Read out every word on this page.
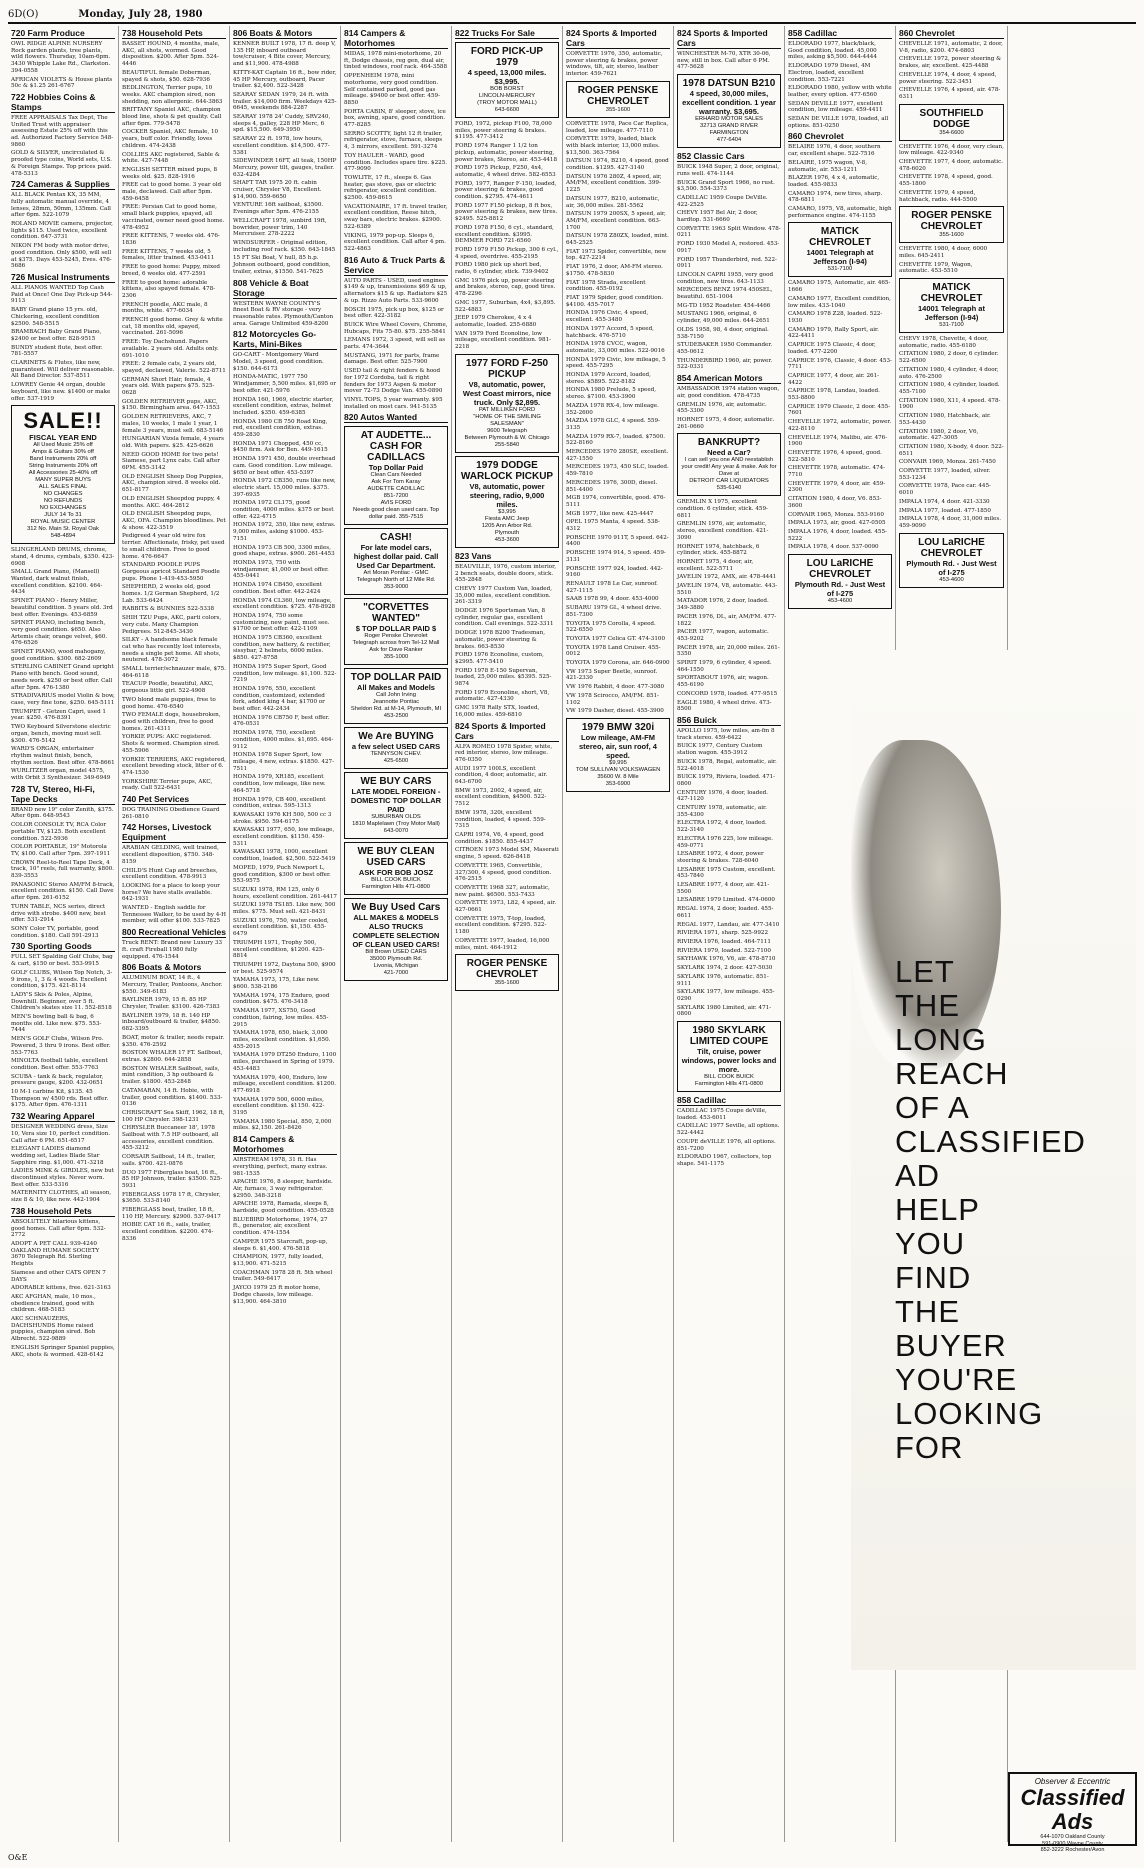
6D(O)	Monday, July 28, 1980
720 Farm Produce
OWL RIDGE ALPINE NURSERY Rock garden plants, tree plants, wild flowers. Thursday, 10am-6pm. 3430 Whipple Lake Rd., Clarkston. 394-0558
AFRICAN VIOLETS & House plants 50c & $1.25 261-6767
722 Hobbies Coins & Stamps
FREE APPRAISALS Tax Dept, The United Trust with appraiser assessing Estate 25% off with this ad. Authorized Factory Service 548-9860
GOLD & SILVER, uncirculated & proofed type coins, World sets, U.S. & Foreign Stamps. Top prices paid. 478-5313
724 Cameras & Supplies
ALL BLACK Pentax KX, 35 MM, fully automatic manual override, 4 lenses, 28mm, 50mm, 135mm. Call after 6pm. 522-1079
ROLAND MOVIE camera, projector, lights $115. Used twice, excellent condition. 647-3731
NIKON FM body with motor drive, good condition. Only $500, will sell at $375. Days 453-5245, Eves. 476-5686
726 Musical Instruments
ALL PIANOS WANTED Top Cash Paid at Once! One Day Pick-up 544-9113
BABY Grand piano 15 yrs. old, Chickering, excellent condition $2500. 548-5515
BRAMBACH Baby Grand Piano, $2400 or best offer. 828-9515
BUNDY student flute, best offer. 781-5557
CLARINETS & Flutes, like new, guaranteed. Will deliver reasonable. All Band Director. 537-8511
LOWREY Genie 44 organ, double keyboard, like new. $1400 or make offer. 537-1919
SALE!!
FISCAL YEAR END
All Used Music 25% off
Amps & Guitars 30% off
Band Instruments 20% off
String Instruments 20% off
All Accessories 25-40% off
MANY SUPER BUYS
ALL SALES FINAL
NO CHANGES
NO REFUNDS
NO EXCHANGES
JULY 14 To 31
ROYAL MUSIC CENTER
312 No. Main St. Royal Oak
548-4894
SLINGERLAND DRUMS, chrome, stand, 4 drums, cymbals, $350. 423-6908
SMALL Grand Piano, (Mansell) Wanted, dark walnut finish, excellent condition. $2100. 464-4434
SPINET PIANO - Henry Miller, beautiful condition. 5 years old. 3rd best offer. Evenings. 453-6859
SPINET PIANO, including bench, very good condition. $650. Also Artemis chair, orange velvet, $60. 476-6526
SPINET PIANO, wood mahogany, good condition. $300. 682-2609
STERLING CABINET Grand upright Piano with bench. Good sound, needs work. $250 or best offer. Call after 5pm. 476-1380
STRADIVARIUS model Violin & bow, case, very fine tone, $250. 645-5111
TRUMPET - Getzen Capri, used 1 year. $250. 476-8391
TWO Keyboard Silverstone electric organ, bench, moving must sell. $300. 476-5142
WARD'S ORGAN, entertainer rhythm walnut finish, bench, rhythm section. Best offer. 478-8661
WURLITZER organ, model 4575, with Orbit 3 Synthesizer. 349-6949
728 TV, Stereo, Hi-Fi, Tape Decks
BRAND new 19" color Zenith, $375. After 6pm. 648-9543
COLOR CONSOLE TV, RCA Color portable TV, $125. Both excellent condition. 522-5936
COLOR PORTABLE, 19" Motorola TV, $100. Call after 7pm. 397-1911
CROWN Reel-to-Reel Tape Deck, 4 track, 10" reels, full warranty, $800. 839-3553
PANASONIC Stereo AM/FM 8-track, excellent condition. $150. Call Dave after 6pm. 261-6152
TURN TABLE, NCS series, direct drive with strobe. $400 new, best offer. 531-2914
SONY Color TV, portable, good condition. $180. Call 591-2913
730 Sporting Goods
FULL SET Spalding Golf Clubs, bag & cart, $150 or best. 553-9915
GOLF CLUBS, Wilson Top Notch, 3-9 irons, 1, 3 & 4 woods. Excellent condition, $175. 421-8114
LADY'S Skis & Poles, Alpine, Downhill. Beginner, over 5 ft. Children's skates size 11. 552-8518
MEN'S bowling ball & bag, 6 months old. Like new. $75. 553-7444
MEN'S GOLF Clubs, Wilson Pro. Powered, 3 thru 9 irons. Best offer. 553-7763
MINOLTA football table, excellent condition. Best offer. 553-7763
SCUBA - tank & back, regulator, pressure gauge, $200. 432-0651
10 M-1 carbine Kit, $135. 45 Thompson w/ 4500 rds. Best offer. $175. After 6pm. 476-1311
732 Wearing Apparel
DESIGNER WEDDING dress, Size 10, Vera size 10, perfect condition. Call after 6 PM. 651-6517
ELEGANT LADIES diamond wedding set, Ladies Blade Star Sapphire ring. $1,000. 471-3218
LADIES MINK & GIRDLES, new but discontinued styles. Never worn. Best offer. 533-5316
MATERNITY CLOTHES, all season, size 8 & 10, like new. 442-1904
738 Household Pets
ABSOLUTELY hilarious kittens, good homes. Call after 6pm. 532-2772
ADOPT A PET CALL 939-4240 OAKLAND HUMANE SOCIETY 3670 Telegraph Rd. Sterling Heights
Siamese and other CATS OPEN 7 DAYS
ADORABLE kittens, free. 621-3163
AKC AFGHAN, male, 10 mos., obedience trained, good with children. 468-5183
AKC SCHNAUZERS, DACHSHUNDS Home raised puppies, champion sired. Bob Albrecht. 522-9889
ENGLISH Springer Spaniel puppies, AKC, shots & wormed. 428-6142
738 Household Pets
BASSET HOUND, 4 months, male, AKC, all shots, wormed. Good disposition. $200. After 5pm. 524-4446
BEAUTIFUL female Doberman, spayed & shots, $50. 628-7936
BEDLINGTON, Terrier pups, 10 weeks. AKC champion sired, non shedding, non allergenic. 644-3863
BRITTANY Spaniel AKC, champion blood line, shots & pet quality. Call after 6pm. 779-5478
COCKER Spaniel, AKC female, 10 years, buff color. Friendly, loves children. 474-2438
COLLIES AKC registered, Sable & white. 427-7448
ENGLISH SETTER mixed pups, 8 weeks old. $25. 828-1916
FREE cat to good home. 3 year old male, declawed. Call after 5pm. 459-6458
FREE: Persian Cat to good home, small black puppies, spayed, all vaccinated, owner need good home. 478-4952
FREE KITTENS, 7 weeks old. 476-1836
FREE KITTENS, 7 weeks old, 5 females, litter trained. 453-0411
FREE to good home: Puppy, mixed breed, 6 weeks old. 477-2591
FREE to good home: adorable kittens, also spayed female. 478-2306
FRENCH poodle, AKC male, 8 months, white. 477-6034
FRENCH good home. Grey & white cat, 18 months old, spayed, vaccinated. 261-5096
FREE: Toy Dachshund. Papers available. 2 years old. Adults only. 691-1010
FREE: 2 female cats, 2 years old, spayed, declawed, Valerie. 522-8711
GERMAN Short Hair, female, 4 years old. With papers $75. 525-0628
GOLDEN RETRIEVER pups, AKC, $150. Birmingham area. 647-1553
GOLDEN RETRIEVERS, AKC, 7 males, 10 weeks, 1 male 1 year, 1 female 3 years, must sell. 683-5146
HUNGARIAN Vizsla female, 4 years old. With papers. $25. 425-6626
NEED GOOD HOME for two pets! Siamese, part Lynx cats. Call after 6PM. 455-3142
OLD ENGLISH Sheep Dog Puppies, AKC, champion sired. 8 weeks old. 651-8177
OLD ENGLISH Sheepdog puppy, 4 months. AKC. 464-2812
OLD ENGLISH Sheepdog pups, AKC, OFA. Champion bloodlines. Pet & show. 422-3519
Pedigreed 4 year old wire fox terrier. Affectionate, frisky, pet used to small children. Free to good home. 476-6647
STANDARD POODLE PUPS Gorgeous apricot Standard Poodle pups. Phone 1-419-453-5950
SHEPHERD, 2 weeks old, good homes. 1/2 German Shepherd, 1/2 Lab. 533-6424
RABBITS & BUNNIES 522-5338
SHIH TZU Pups, AKC, parti colors, very cute. Many Champion Pedigrees. 512-845-3430
SILKY - A handsome black female cat who has recently lost interests, needs a single pet home. All shots, neutered. 478-3072
SMALL terrier/schnauzer male, $75. 464-6118
TEACUP Poodle, beautiful, AKC, gorgeous little girl. 522-4908
TWO blond male puppies, free to good home. 476-6540
TWO FEMALE dogs, housebroken, good with children, free to good homes. 261-4311
YORKIE PUPS: AKC registered. Shots & wormed. Champion sired. 455-5906
YORKIE TERRIERS, AKC registered, excellent breeding stock, litter of 6. 474-1530
YORKSHIRE Terrier pups, AKC, ready. Call 522-6431
740 Pet Services
DOG TRAINING Obedience Guard 261-0810
742 Horses, Livestock Equipment
ARABIAN GELDING, well trained, excellent disposition, $750. 348-8159
CHILD'S Hunt Cap and breeches, excellent condition. 478-9913
LOOKING for a place to keep your horse? We have stalls available. 642-1931
WANTED - English saddle for Tennessee Walker, to be used by 4-H member, will offer $100. 533-7825
800 Recreational Vehicles
Truck RENT: Brand new Luxury 33 ft. craft Fireball 1980 fully equipped. 476-1544
806 Boats & Motors
ALUMINUM BOAT, 14 ft., 4 Mercury, Trailer, Pontoons, Anchor. $550. 349-6183
BAYLINER 1979, 15 ft. 85 HP Chrysler, Trailer. $3100. 426-7383
BAYLINER 1979, 18 ft. 140 HP inboard/outboard & trailer, $4850. 682-3395
BOAT, motor & trailer, needs repair. $350. 476-2592
BOSTON WHALER 17 FT. Sailboat, extras. $2800. 644-2858
BOSTON WHALER Sailboat, sails, mint condition, 3 hp outboard & trailer. $1800. 453-2848
CATAMARAN, 14 ft. Hobie, with trailer, good condition. $1400. 533-0136
CHRISCRAFT Sea Skiff, 1962, 18 ft, 100 HP Chrysler. 398-1231
CHRYSLER Buccaneer 18', 1978 Sailboat with 7.5 HP outboard, all accessories, excellent condition. 455-3212
CORSAIR Sailboat, 14 ft., trailer, sails. $700. 421-0876
DUO 1977 Fiberglass boat, 16 ft., 85 HP Johnson, trailer. $3500. 525-5931
FIBERGLASS 1978 17 ft, Chrysler, $3650. 533-8140
FIBERGLASS boat, trailer, 18 ft, 110 HP, Mercury. $2900. 537-9417
HOBIE CAT 16 ft., sails, trailer, excellent condition. $2200. 474-8336
806 Boats & Motors
KENNER BUILT 1978, 17 ft. deep V, 135 HP, inboard outboard tow/cruiser, 4 Bite cover, Mercury, and $11,900. 478-4988
KITTY-KAT Captain 16 ft., bow rider, 45 HP Mercury, outboard, Pacer trailer. $2,400. 522-3428
SEARAY SEDAN 1979, 24 ft. with trailer. $14,000 firm. Weekdays 425-6645, weekends 884-2287
SEARAY 1978 24' Cuddy, SRV240, sleeps 4, galley, 228 HP Merc, 6 spd. $15,500. 649-3950
SEARAY 22 ft. 1978, low hours, excellent condition. $14,500. 477-5381
SIDEWINDER 16FT, all teak, 150HP Mercury, power tilt, gauges, trailer. 632-4284
SHAFT TAR 1975 20 ft. cabin cruiser, Chrysler V8, Excellent. $14,900. 559-6650
VENTURE 16ft sailboat, $3500. Evenings after 5pm. 476-2155
WELLCRAFT 1978, sunbird 19ft, bowrider, power trim, 140 Mercruiser. 278-2222
WINDSURFER - Original edition, including roof rack. $350. 643-1845
15 FT Ski Boat, V hull, 85 h.p. Johnson outboard, good condition, trailer, extras, $1550. 541-7625
808 Vehicle & Boat Storage
WESTERN WAYNE COUNTY'S finest Boat & RV storage - very reasonable rates. Plymouth/Canton area. Garage Unlimited 459-8200
812 Motorcycles Go-Karts, Mini-Bikes
GO-CART - Montgomery Ward Model, 3 speed, good condition. $150. 644-6173
HONDA-MATIC, 1977 750 Windjammer, 5,500 miles. $1,695 or best offer. 421-5976
HONDA 160, 1969, electric starter, excellent condition, extras, helmet included. $350. 459-6385
HONDA 1980 CB 750 Road King, red, excellent condition, extras. 459-2830
HONDA 1971 Chopped, 450 cc, $450 firm. Ask for Ben. 449-1615
HONDA 1971 450, double overhead cam. Good condition. Low mileage. $650 or best offer. 453-5397
HONDA 1972 CB350, runs like new, electric start. 15,000 miles. $375. 397-6935
HONDA 1972 CL175, good condition, 4000 miles. $375 or best offer. 422-4715
HONDA 1972, 350, like new, extras. 9,000 miles, asking $1000. 453-7151
HONDA 1973 CB 500, 3300 miles, good shape, extras. $900. 261-4453
HONDA 1973, 750 with windjammer, $1,000 or best offer. 455-0441
HONDA 1974 CB450, excellent condition. Best offer. 442-2424
HONDA 1974 CL360, low mileage, excellent condition. $725. 478-8928
HONDA 1974, 750 some customizing, new paint, must see. $1700 or best offer. 422-1109
HONDA 1975 CB360, excellent condition, new battery, & rectifier, sissybar, 2 helmets, 6000 miles. $850. 427-8758
HONDA 1975 Super Sport, Good condition, low mileage. $1,100. 522-7219
HONDA 1976, 550, excellent condition, customized, extended fork, added king 4 bar, $1700 or best offer. 442-2434
HONDA 1976 CB750 F, best offer. 476-0531
HONDA 1978, 750, excellent condition, 4000 miles. $1,695. 464-9112
HONDA 1978 Super Sport, low mileage, 4 new, extras. $1850. 427-7511
HONDA 1979, XR185, excellent condition, low mileage, like new. 464-5718
HONDA 1979, CB 400, excellent condition, extras. 595-1313
KAWASAKI 1976 KH 500, 500 cc 3 stroke. $950. 594-6175
KAWASAKI 1977, 650, low mileage, excellent condition. $1150. 459-5311
KAWASAKI 1978, 1000, excellent condition, loaded. $2,500. 522-5419
MOPED, 1979, Puch Newport L, good condition, $300 or best offer. 553-9575
SUZUKI 1978, RM 125, only 6 hours, excellent condition. 261-4417
SUZUKI 1978 TS185. Like new, 500 miles. $775. Must sell. 421-8431
SUZUKI 1976, 750, water cooled, excellent condition. $1,150. 455-6479
TRIUMPH 1971, Trophy 500, excellent condition, $1200. 425-8814
TRIUMPH 1972, Daytona 500, $900 or best. 525-9574
YAMAHA 1973, 175, Like new. $600. 538-2186
YAMAHA 1974, 175 Enduro, good condition. $475. 476-3418
YAMAHA 1977, XS750, Good condition, fairing, low miles. 455-2915
YAMAHA 1978, 650, black, 3,000 miles, excellent condition. $1,650. 455-2015
YAMAHA 1979 DT250 Enduro, 1100 miles, purchased in Spring of 1979. 453-4483
YAMAHA 1979, 400, Enduro, low mileage, excellent condition. $1200. 477-6918
YAMAHA 1979 500, 6000 miles, excellent condition. $1150. 422-5195
YAMAHA 1980 Special, 850, 2,000 miles. $2,150. 261-8426
814 Campers & Motorhomes
AIRSTREAM 1978, 31 ft. Has everything, perfect, many extras. 981-1535
APACHE 1976, 8 sleeper, hardside. Air, furnace, 3 way refrigerator. $2950. 348-3218
APACHE 1978, Ramada, sleeps 8, hardside, good condition. 455-0528
BLUEBIRD Motorhome, 1974, 27 ft., generator, air, excellent condition. 474-1554
CAMPER 1975 Starcraft, pop-up, sleeps 6. $1,400. 476-5818
CHAMPION, 1977, fully loaded, $13,900. 471-5215
COACHMAN 1978 28 ft. 5th wheel trailer. 549-6417
JAYCO 1979 25 ft motor home, Dodge chassis, low mileage. $13,900. 464-3810
814 Campers & Motorhomes
MIDAS, 1978 mini-motorhome, 20 ft, Dodge chassis, reg gen, dual air, tinted windows, roof rack. 464-3588
OPPENHEIM 1978, mini motorhome, very good condition. Self contained parked, good gas mileage. $9400 or best offer. 459-8850
PORTA CABIN, 8' sleeper, stove, ice box, awning, spare, good condition. 477-8285
SERRO SCOTTY, light 12 ft trailer, refrigerator, stove, furnace, sleeps 4, 3 mirrors, excellent. 591-3274
TOY HAULER - WARD, good condition. Includes spare tire. $225. 477-9090
TOWLITE, 17 ft., sleeps 6. Gas heater, gas stove, gas or electric refrigerator, excellent condition. $2500. 459-8615
VACATIONAIRE, 17 ft. travel trailer, excellent condition, Reese hitch, sway bars, electric brakes. $2900. 522-6389
VIKING, 1979 pop-up. Sleeps 6, excellent condition. Call after 4 pm. 522-4863
816 Auto & Truck Parts & Service
AUTO PARTS - USED, used engines $149 & up, transmissions $69 & up, alternators $15 & up. Radiators $25 & up. Rizzo Auto Parts. 533-9600
BOSCH 1975, pick up box, $125 or best offer. 422-3182
BUICK Wire Wheel Covers, Chrome, Hubcaps, Fits 75-80. $75. 255-5841
LEMANS 1972, 3 speed, will sell as parts. 474-3644
MUSTANG, 1971 for parts, frame damage. Best offer. 525-7900
USED tail & right fenders & hood for 1972 Cordoba, tail & right fenders for 1973 Aspen & motor mover 72-73 Dodge Van. 455-0890
VINYL TOPS, 5 year warranty. $95 installed on most cars. 941-5135
820 Autos Wanted
AT AUDETTE... CASH FOR CADILLACS
Top Dollar Paid
Clean Cars Needed
Ask For Tom Karay
AUDETTE CADILLAC
851-7200
AVIS FORD
Needs good clean used cars. Top dollar paid. 355-7515
CASH!
For late model cars, highest dollar paid. Call Used Car Department.
Art Moran Pontiac - GMC
Telegraph North of 12 Mile Rd.
353-9000
"CORVETTES WANTED"
$ TOP DOLLAR PAID $
Roger Penske Chevrolet
Telegraph across from Tel-12 Mall
Ask for Dave Ranker
355-1000
TOP DOLLAR PAID
All Makes and Models
Call John Irving
Jeannotte Pontiac
Sheldon Rd. at M-14, Plymouth, MI
453-2500
We Are BUYING
a few select USED CARS
TENNYSON CHEV.
425-6500
WE BUY CARS
LATE MODEL FOREIGN - DOMESTIC TOP DOLLAR PAID
SUBURBAN OLDS
1810 Maplelawn (Troy Motor Mall)
643-0070
WE BUY CLEAN USED CARS
ASK FOR BOB JOSZ
BILL COOK BUICK
Farmington Hills 471-0800
We Buy Used Cars
ALL MAKES & MODELS ALSO TRUCKS COMPLETE SELECTION OF CLEAN USED CARS!
Bill Brown USED CARS
35000 Plymouth Rd.
Livonia, Michigan
421-7000
822 Trucks For Sale
FORD PICK-UP 1979
4 speed, 13,000 miles. $3,995.
BOB BORST
LINCOLN-MERCURY
(TROY MOTOR MALL)
643-6600
FORD, 1972, pickup F100, 78,000 miles, power steering & brakes. $1195. 477-3412
FORD 1974 Ranger 1 1/2 ton pickup, automatic, power steering, power brakes, Stereo, air. 453-4418
FORD 1975 Pickup, F250, 4x4, automatic, 4 wheel drive. 582-6553
FORD, 1977, Ranger F-150, loaded, power steering & brakes, good condition. $2795. 474-4611
FORD 1977 F150 pickup, 8 ft box, power steering & brakes, new tires. $2495. 525-8812
FORD 1978 F150, 6 cyl., standard, excellent condition. $3995. DEMMER FORD 721-6560
FORD 1979 F150 Pickup, 300 6 cyl., 4 speed, overdrive. 455-2195
FORD 1980 pick up short bed, radio, 6 cylinder, stick. 739-9402
GMC 1976 pick up, power steering and brakes, stereo, cap, good tires. 478-2296
GMC 1977, Suburban, 4x4, $3,895. 522-4883
JEEP 1979 Cherokee, 4 x 4 automatic, loaded. 255-6880
VAN 1979 Ford Econoline, low mileage, excellent condition. 981-2218
1977 FORD F-250 PICKUP
V8, automatic, power, West Coast mirrors, nice truck. Only $2,895.
PAT MILLIKEN FORD
"HOME OF THE SMILING SALESMAN"
9600 Telegraph
Between Plymouth & W. Chicago
255-5840
1979 DODGE WARLOCK PICKUP
V8, automatic, power steering, radio, 9,000 miles.
$3,995
Fiesta AMC Jeep
1205 Ann Arbor Rd.
Plymouth
453-3600
823 Vans
BEAUVILLE, 1976, custom interior, 2 bench seats, double doors, stick. 455-2848
CHEVY 1977 Custom Van, loaded, 35,000 miles, excellent condition. 261-3319
DODGE 1976 Sportsman Van, 8 cylinder, regular gas, excellent condition. Call evenings. 522-3311
DODGE 1978 B200 Tradesman, automatic, power steering & brakes. 663-8530
FORD 1976 Econoline, custom, $2995. 477-5410
FORD 1978 E-150 Supervan, loaded, 25,000 miles. $5395. 525-9874
FORD 1979 Econoline, short, V8, automatic. 427-4330
GMC 1978 Rally STX, loaded, 16,000 miles. 459-6810
824 Sports & Imported Cars
ALFA ROMEO 1978 Spider, white, red interior, stereo, low mileage. 476-0350
AUDI 1977 100LS, excellent condition, 4 door, automatic, air. 643-6700
BMW 1973, 2002, 4 speed, air, excellent condition, $4500. 522-7512
BMW 1978, 320i, excellent condition, loaded, 4 speed. 559-7315
CAPRI 1974, V6, 4 speed, good condition. $1850. 855-4437
CITROEN 1973 Model SM, Maserati engine, 5 speed. 626-8418
CORVETTE 1965, Convertible, 327/300, 4 speed, good condition. 476-2515
CORVETTE 1968 327, automatic, new paint. $6500. 553-7433
CORVETTE 1973, L82, 4 speed, air. 427-0661
CORVETTE 1975, T-top, loaded, excellent condition. $7295. 522-1180
CORVETTE 1977, loaded, 16,000 miles, mint. 464-1912
ROGER PENSKE CHEVROLET
355-1600
824 Sports & Imported Cars
CORVETTE 1976, 350, automatic, power steering & brakes, power windows, tilt, air, stereo, leather interior. 459-7621
ROGER PENSKE CHEVROLET
355-1600
CORVETTE 1978, Pace Car Replica, loaded, low mileage. 477-7110
CORVETTE 1979, loaded, black with black interior, 13,000 miles. $13,500. 363-7564
DATSUN 1974, B210, 4 speed, good condition. $1295. 427-3140
DATSUN 1976 280Z, 4 speed, air, AM/FM, excellent condition. 399-1225
DATSUN 1977, B210, automatic, air, 36,000 miles. 281-5562
DATSUN 1979 200SX, 5 speed, air, AM/FM, excellent condition. 663-1700
DATSUN 1978 Z80ZX, loaded, mint. 645-2525
FIAT 1973 Spider, convertible, new top. 427-2214
FIAT 1976, 2 door, AM-FM stereo. $1750. 478-5830
FIAT 1978 Strada, excellent condition. 455-0192
FIAT 1979 Spider, good condition. $4100. 455-7017
HONDA 1976 Civic, 4 speed, excellent. 455-3480
HONDA 1977 Accord, 5 speed, hatchback. 476-5710
HONDA 1978 CVCC, wagon, automatic, 33,000 miles. 522-9016
HONDA 1979 Civic, low mileage, 5 speed. 455-7295
HONDA 1979 Accord, loaded, stereo. $5895. 522-8182
HONDA 1980 Prelude, 5 speed, stereo. $7100. 453-3900
MAZDA 1978 RX-4, low mileage. 352-2600
MAZDA 1978 GLC, 4 speed. 559-3135
MAZDA 1979 RX-7, loaded. $7500. 522-8160
MERCEDES 1970 280SE, excellent. 427-1550
MERCEDES 1973, 450 SLC, loaded. 459-7810
MERCEDES 1976, 300D, diesel. 851-4400
MGB 1974, convertible, good. 476-5111
MGB 1977, like new. 425-4447
OPEL 1975 Manta, 4 speed. 538-4312
PORSCHE 1970 911T, 5 speed. 642-4400
PORSCHE 1974 914, 5 speed. 459-3131
PORSCHE 1977 924, loaded. 442-9160
RENAULT 1978 Le Car, sunroof. 427-1115
SAAB 1978 99, 4 door. 453-4000
SUBARU 1979 GL, 4 wheel drive. 851-7300
TOYOTA 1975 Corolla, 4 speed. 522-6550
TOYOTA 1977 Celica GT. 474-3100
TOYOTA 1978 Land Cruiser. 455-0012
TOYOTA 1979 Corona, air. 646-0900
VW 1973 Super Beetle, sunroof. 421-2330
VW 1976 Rabbit, 4 door. 477-3080
VW 1978 Scirocco, AM/FM. 851-1102
VW 1979 Dasher, diesel. 455-3900
1979 BMW 320i
Low mileage, AM-FM stereo, air, sun roof, 4 speed.
$9,995
TOM SULLIVAN VOLKSWAGEN
35600 W. 8 Mile
353-6900
824 Sports & Imported Cars
WINCHESTER M-70, XTR 30-06, new, still in box. Call after 6 PM. 477-5628
1978 DATSUN B210
4 speed, 30,000 miles, excellent condition. 1 year warranty. $3,695.
ERHARD MOTOR SALES
32713 GRAND RIVER
FARMINGTON
477-6404
852 Classic Cars
BUICK 1948 Super, 2 door, original, runs well. 474-1144
BUICK Grand Sport 1966, no rust. $3,500. 554-3373
CADILLAC 1959 Coupe DeVille. 422-2525
CHEVY 1957 Bel Air, 2 door, hardtop. 531-6660
CORVETTE 1963 Split Window. 478-0211
FORD 1930 Model A, restored. 453-0917
FORD 1957 Thunderbird, red. 522-0911
LINCOLN CAPRI 1955, very good condition, new tires. 643-1133
MERCEDES BENZ 1974 450SEL, beautiful. 651-1004
MG-TD 1952 Roadster. 454-4466
MUSTANG 1966, original, 6 cylinder, 49,000 miles. 644-2651
OLDS 1958, 98, 4 door, original. 538-7150
STUDEBAKER 1950 Commander. 455-0612
THUNDERBIRD 1960, air, power. 522-0331
854 American Motors
AMBASSADOR 1974 station wagon, air, good condition. 478-4735
GREMLIN 1976, air, automatic. 455-3300
HORNET 1975, 4 door, automatic. 261-0660
BANKRUPT?
Need a Car?
I can sell you one AND reestablish your credit! Any year & make. Ask for Dave at
DETROIT CAR LIQUIDATORS
535-6140
GREMLIN X 1975, excellent condition. 6 cylinder, stick. 459-6811
GREMLIN 1976, air, automatic, stereo, excellent condition. 421-3090
HORNET 1974, hatchback, 6 cylinder, stick. 455-8872
HORNET 1975, 4 door, air, excellent. 522-5711
JAVELIN 1972, AMX, air. 478-4441
JAVELIN 1974, V8, automatic. 443-5510
MATADOR 1976, 2 door, loaded. 349-3880
PACER 1976, DL, air, AM/FM. 477-1822
PACER 1977, wagon, automatic. 453-9202
PACER 1978, air, 20,000 miles. 261-5350
SPIRIT 1979, 6 cylinder, 4 speed. 464-1550
SPORTABOUT 1976, air, wagon. 455-6190
CONCORD 1978, loaded. 477-9515
EAGLE 1980, 4 wheel drive. 473-8500
856 Buick
APOLLO 1975, low miles, am-fm 8 track stereo. 459-6422
BUICK 1977, Century Custom station wagon. 455-3912
BUICK 1978, Regal, automatic, air. 522-4018
BUICK 1979, Riviera, loaded. 471-0800
CENTURY 1976, 4 door, loaded. 427-1120
CENTURY 1978, automatic, air. 355-4300
ELECTRA 1972, 4 door, loaded. 522-3140
ELECTRA 1976 225, low mileage. 459-0771
LESABRE 1972, 4 door, power steering & brakes. 728-6040
LESABRE 1975 Custom, excellent. 453-7840
LESABRE 1977, 4 door, air. 421-5500
LESABRE 1979 Limited. 474-0600
REGAL 1974, 2 door, loaded. 455-6611
REGAL 1977, Landau, air. 477-3410
RIVIERA 1971, sharp. 525-9922
RIVIERA 1976, loaded. 464-7111
RIVIERA 1979, loaded. 522-7100
SKYHAWK 1976, V6, air. 478-8710
SKYLARK 1974, 2 door. 427-5030
SKYLARK 1976, automatic. 851-9111
SKYLARK 1977, low mileage. 455-0290
SKYLARK 1980 Limited, air. 471-0800
1980 SKYLARK LIMITED COUPE
Tilt, cruise, power windows, power locks and more.
BILL COOK BUICK
Farmington Hills 471-0800
858 Cadillac
CADILLAC 1975 Coupe deVille, loaded. 453-6011
CADILLAC 1977 Seville, all options. 522-4442
COUPE deVILLE 1976, all options. 851-7200
ELDORADO 1967, collectors, top shape. 541-1175
858 Cadillac
ELDORADO 1977, black/black, Good condition, loaded. 45,000 miles, asking $5,500. 644-4444
ELDORADO 1979 Diesel, 4M Electron, loaded, excellent condition. 553-7221
ELDORADO 1980, yellow with white leather, every option. 477-6560
SEDAN DEVILLE 1977, excellent condition, low mileage. 459-4411
SEDAN DE VILLE 1978, loaded, all options. 851-0250
860 Chevrolet
BELAIRE 1976, 4 door, southern car, excellent shape. 522-7516
BELAIRE, 1975 wagon, V-8, automatic, air. 553-1211
BLAZER 1976, 4 x 4, automatic, loaded. 455-9833
CAMARO 1974, new tires, sharp. 478-6811
CAMARO, 1975, V8, automatic, high performance engine. 474-1155
MATICK CHEVROLET
14001 Telegraph at Jefferson (I-94)
531-7100
CAMARO 1975, Automatic, air. 465-1666
CAMARO 1977, Excellent condition, low miles. 433-1040
CAMARO 1978 Z28, loaded. 522-1930
CAMARO 1979, Rally Sport, air. 422-4411
CAPRICE 1975 Classic, 4 door, loaded. 477-2200
CAPRICE 1976, Classic, 4 door. 453-7711
CAPRICE 1977, 4 door, air. 261-4422
CAPRICE 1978, Landau, loaded. 553-8800
CAPRICE 1979 Classic, 2 door. 455-7601
CHEVELLE 1972, automatic, power. 422-8110
CHEVELLE 1974, Malibu, air. 476-1900
CHEVETTE 1976, 4 speed, good. 522-5810
CHEVETTE 1978, automatic. 474-7710
CHEVETTE 1979, 4 door, air. 459-2300
CITATION 1980, 4 door, V6. 853-3600
CORVAIR 1965, Monza. 553-9160
IMPALA 1973, air, good. 427-0505
IMPALA 1976, 4 door, loaded. 455-5222
IMPALA 1978, 4 door. 537-0090
LOU LaRICHE CHEVROLET
Plymouth Rd. - Just West of I-275
453-4600
860 Chevrolet
CHEVELLE 1971, automatic, 2 door, V-8, radio, $200. 474-6803
CHEVELLE 1972, power steering & brakes, air, excellent. 425-4488
CHEVELLE 1974, 4 door, 4 speed, power steering. 522-3451
CHEVELLE 1976, 4 speed, air. 478-6311
SOUTHFIELD DODGE
354-6600
CHEVETTE 1976, 4 door, very clean, low mileage. 422-9340
CHEVETTE 1977, 4 door, automatic. 478-6020
CHEVETTE 1978, 4 speed, good. 455-1800
CHEVETTE 1979, 4 speed, hatchback, radio. 444-5500
ROGER PENSKE CHEVROLET
355-1600
CHEVETTE 1980, 4 door, 6000 miles. 645-2411
CHEVETTE 1979, Wagon, automatic. 453-5510
MATICK CHEVROLET
14001 Telegraph at Jefferson (I-94)
531-7100
CHEVY 1978, Chevette, 4 door, automatic, radio. 455-6180
CITATION 1980, 2 door, 6 cylinder. 522-6500
CITATION 1980, 4 cylinder, 4 door, auto. 476-2500
CITATION 1980, 4 cylinder, loaded. 455-7100
CITATION 1980, X11, 4 speed. 478-1900
CITATION 1980, Hatchback, air. 553-4430
CITATION 1980, 2 door, V6, automatic. 427-3005
CITATION 1980, X-body, 4 door. 522-6511
CONVAIR 1969, Monza. 261-7450
CORVETTE 1977, loaded, silver. 553-1234
CORVETTE 1978, Pace car. 445-6010
IMPALA 1974, 4 door. 421-3330
IMPALA 1977, loaded. 477-1850
IMPALA 1978, 4 door, 31,000 miles. 459-9090
LOU LaRICHE CHEVROLET
Plymouth Rd. - Just West of I-275
453-4600
LET
THE
LONG
REACH
OF A
CLASSIFIED
AD
HELP
YOU
FIND
THE
BUYER
YOU'RE
LOOKING
FOR
Observer & Eccentric
Classified Ads
644-1070 Oakland County
591-0900 Wayne County
852-3222 Rochester/Avon
O&E
